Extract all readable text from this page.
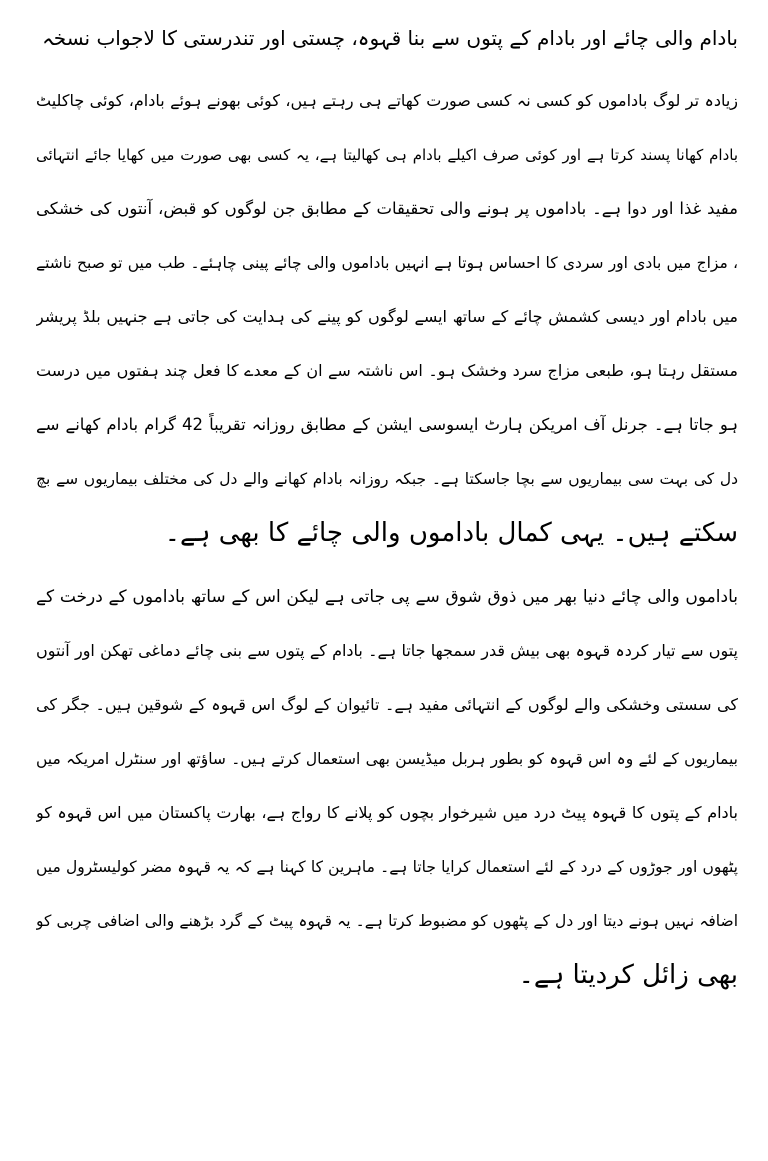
بادام والی چائے اور بادام کے پتوں سے بنا قہوہ، چستی اور تندرستی کا لاجواب نسخہ

زیادہ تر لوگ باداموں کو کسی نہ کسی صورت کھاتے ہی رہتے ہیں، کوئی بھونے ہوئے بادام، کوئی چاکلیٹ
بادام کھانا پسند کرتا ہے اور کوئی صرف اکیلے بادام ہی کھالیتا ہے، یہ کسی بھی صورت میں کھایا جائے انتہائی
مفید غذا اور دوا ہے۔ باداموں پر ہونے والی تحقیقات کے مطابق جن لوگوں کو قبض، آنتوں کی خشکی
، مزاج میں بادی اور سردی کا احساس ہوتا ہے انہیں باداموں والی چائے پینی چاہئے۔ طب میں تو صبح ناشتے
میں بادام اور دیسی کشمش چائے کے ساتھ ایسے لوگوں کو پینے کی ہدایت کی جاتی ہے جنہیں بلڈ پریشر
مستقل رہتا ہو، طبعی مزاج سرد وخشک ہو۔ اس ناشتہ سے ان کے معدے کا فعل چند ہفتوں میں درست
ہو جاتا ہے۔ جرنل آف امریکن ہارٹ ایسوسی ایشن کے مطابق روزانہ تقریباً 42 گرام بادام کھانے سے
دل کی بہت سی بیماریوں سے بچا جاسکتا ہے۔ جبکہ روزانہ بادام کھانے والے دل کی مختلف بیماریوں سے بچ
سکتے ہیں۔ یہی کمال باداموں والی چائے کا بھی ہے۔

باداموں والی چائے دنیا بھر میں ذوق شوق سے پی جاتی ہے لیکن اس کے ساتھ باداموں کے درخت کے
پتوں سے تیار کردہ قہوہ بھی بیش قدر سمجھا جاتا ہے۔ بادام کے پتوں سے بنی چائے دماغی تھکن اور آنتوں
کی سستی وخشکی والے لوگوں کے انتہائی مفید ہے۔ تائیوان کے لوگ اس قہوہ کے شوقین ہیں۔ جگر کی
بیماریوں کے لئے وہ اس قہوہ کو بطور ہربل میڈیسن بھی استعمال کرتے ہیں۔ ساؤتھ اور سنٹرل امریکہ میں
بادام کے پتوں کا قہوہ پیٹ درد میں شیرخوار بچوں کو پلانے کا رواج ہے، بھارت پاکستان میں اس قہوہ کو
پٹھوں اور جوڑوں کے درد کے لئے استعمال کرایا جاتا ہے۔ ماہرین کا کہنا ہے کہ یہ قہوہ مضر کولیسٹرول میں
اضافہ نہیں ہونے دیتا اور دل کے پٹھوں کو مضبوط کرتا ہے۔ یہ قہوہ پیٹ کے گرد بڑھنے والی اضافی چربی کو
بھی زائل کردیتا ہے۔
